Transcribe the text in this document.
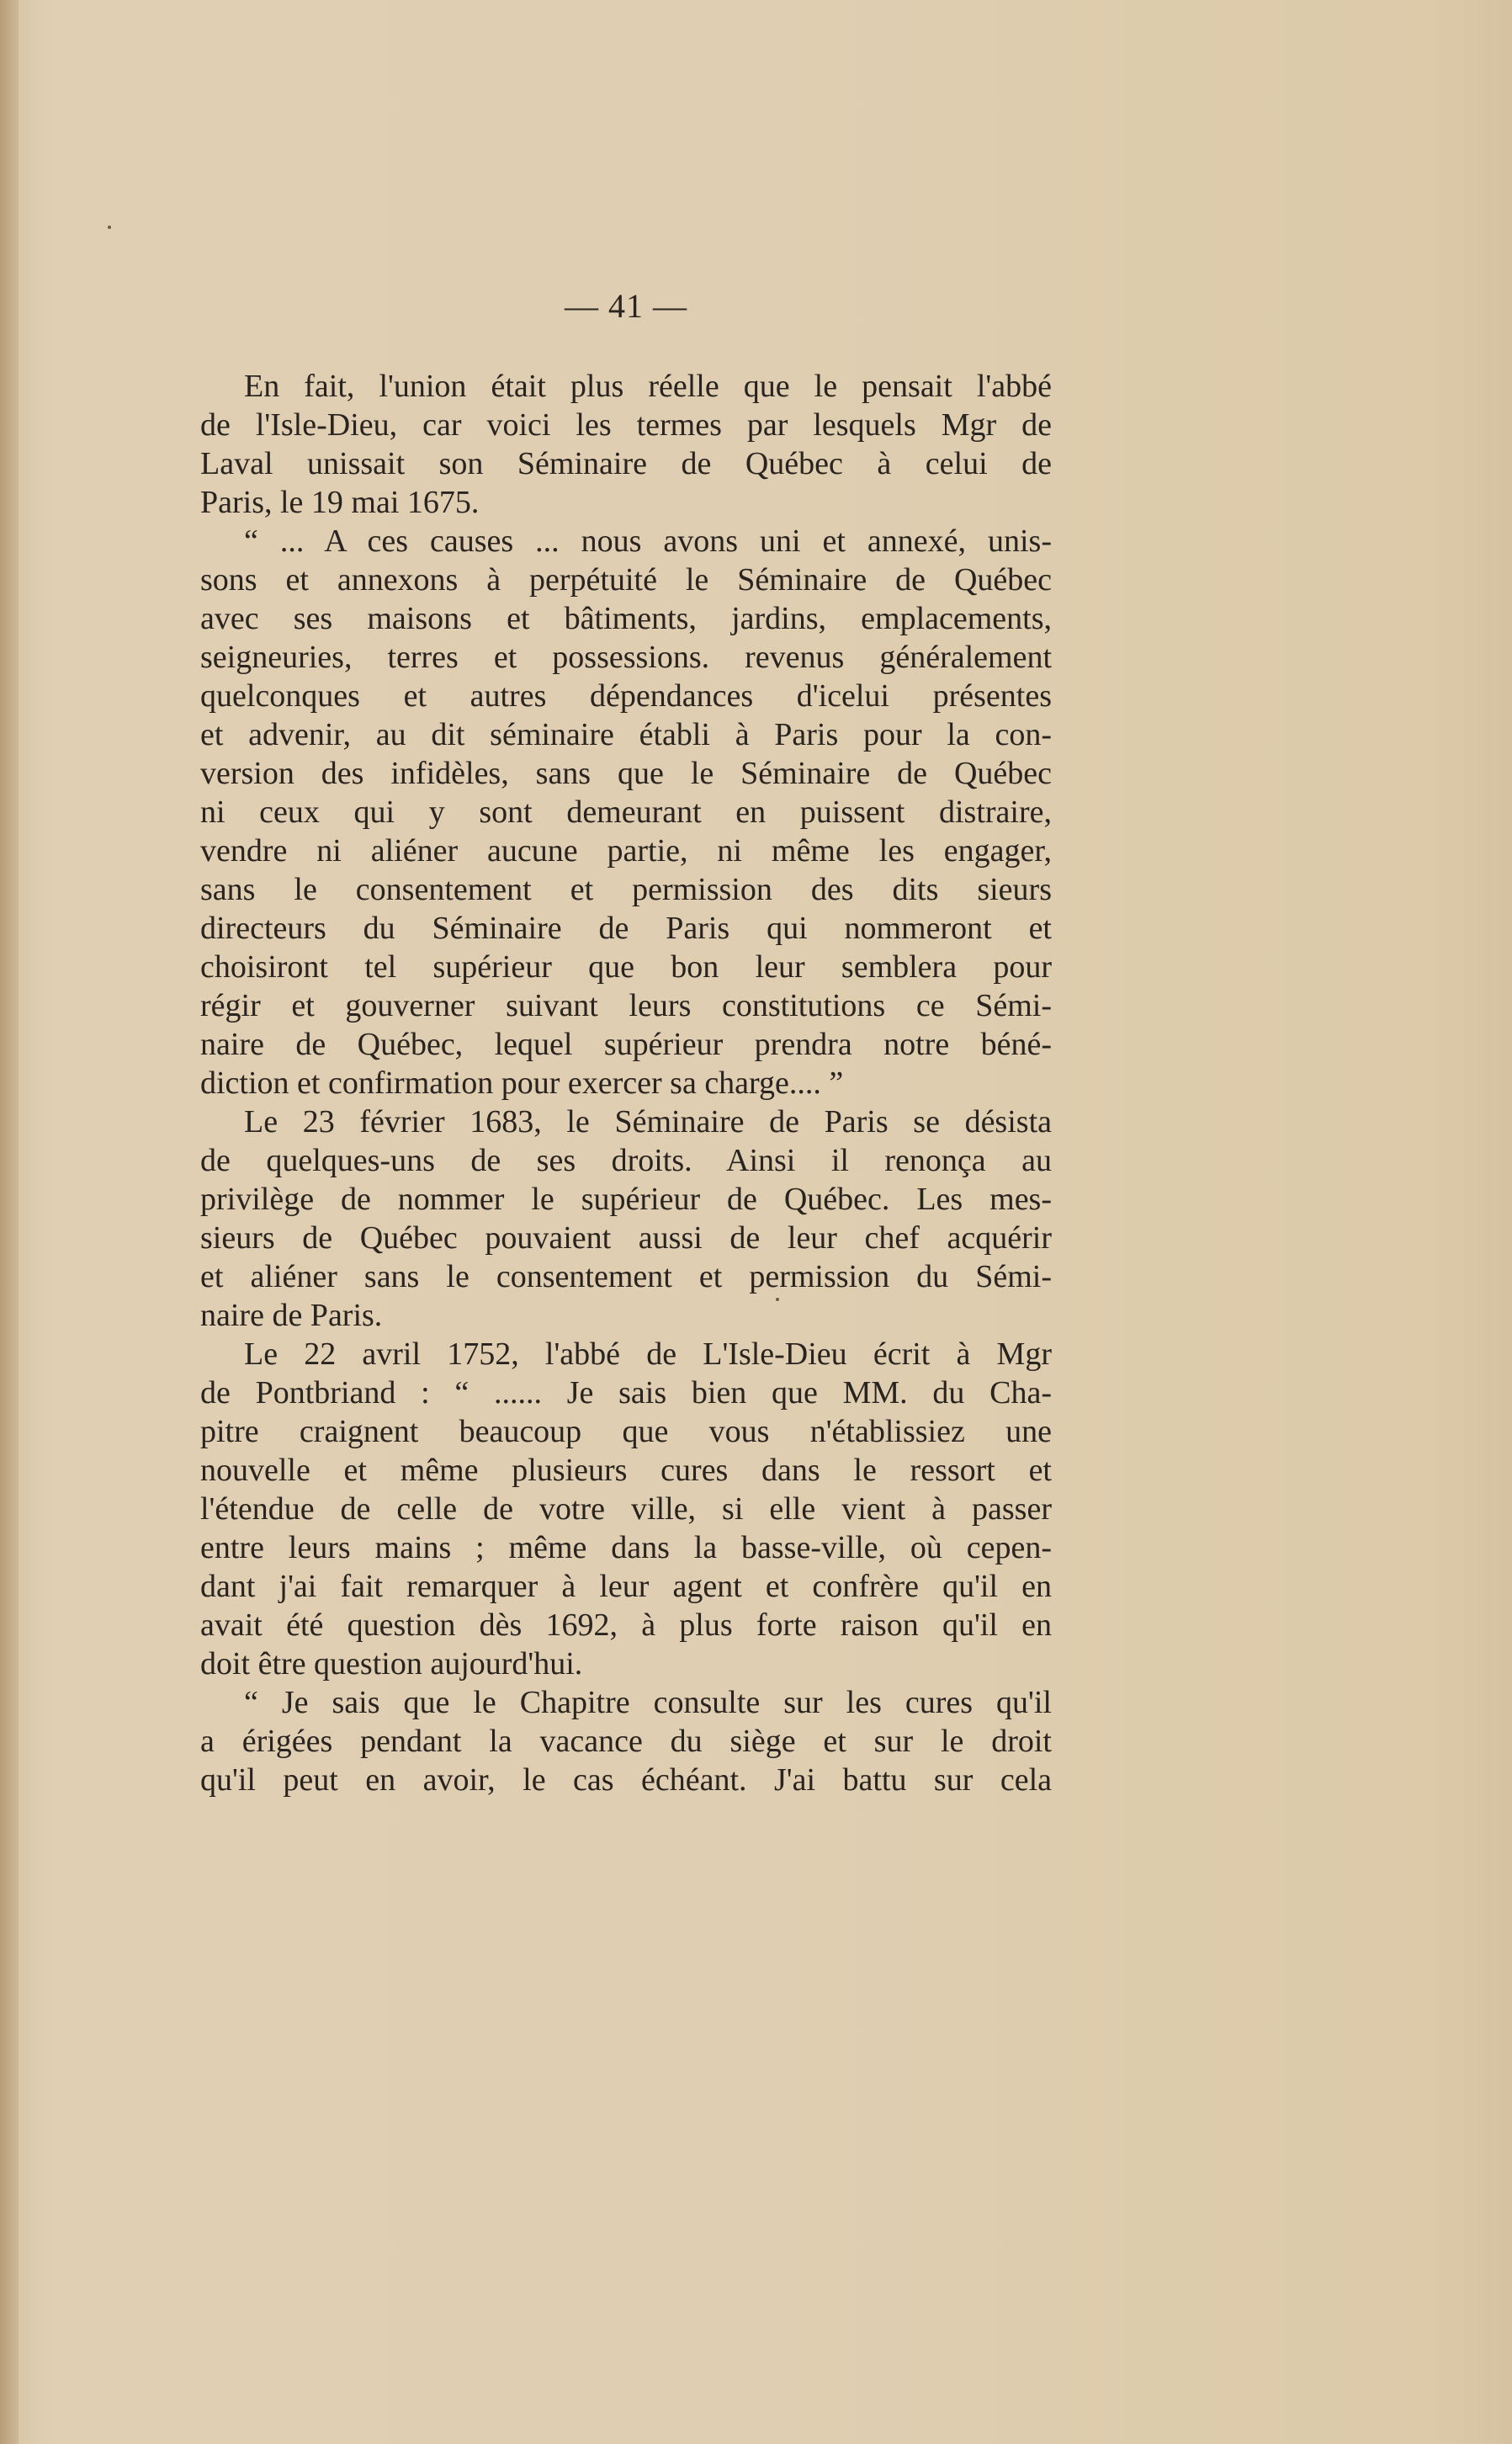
— 41 —
En fait, l'union était plus réelle que le pensait l'abbé
de l'Isle-Dieu, car voici les termes par lesquels Mgr de
Laval unissait son Séminaire de Québec à celui de
Paris, le 19 mai 1675.
“ ... A ces causes ... nous avons uni et annexé, unis-
sons et annexons à perpétuité le Séminaire de Québec
avec ses maisons et bâtiments, jardins, emplacements,
seigneuries, terres et possessions. revenus généralement
quelconques et autres dépendances d'icelui présentes
et advenir, au dit séminaire établi à Paris pour la con-
version des infidèles, sans que le Séminaire de Québec
ni ceux qui y sont demeurant en puissent distraire,
vendre ni aliéner aucune partie, ni même les engager,
sans le consentement et permission des dits sieurs
directeurs du Séminaire de Paris qui nommeront et
choisiront tel supérieur que bon leur semblera pour
régir et gouverner suivant leurs constitutions ce Sémi-
naire de Québec, lequel supérieur prendra notre béné-
diction et confirmation pour exercer sa charge.... ”
Le 23 février 1683, le Séminaire de Paris se désista
de quelques-uns de ses droits. Ainsi il renonça au
privilège de nommer le supérieur de Québec. Les mes-
sieurs de Québec pouvaient aussi de leur chef acquérir
et aliéner sans le consentement et permission du Sémi-
naire de Paris.
Le 22 avril 1752, l'abbé de L'Isle-Dieu écrit à Mgr
de Pontbriand : “ ...... Je sais bien que MM. du Cha-
pitre craignent beaucoup que vous n'établissiez une
nouvelle et même plusieurs cures dans le ressort et
l'étendue de celle de votre ville, si elle vient à passer
entre leurs mains ; même dans la basse-ville, où cepen-
dant j'ai fait remarquer à leur agent et confrère qu'il en
avait été question dès 1692, à plus forte raison qu'il en
doit être question aujourd'hui.
“ Je sais que le Chapitre consulte sur les cures qu'il
a érigées pendant la vacance du siège et sur le droit
qu'il peut en avoir, le cas échéant. J'ai battu sur cela
